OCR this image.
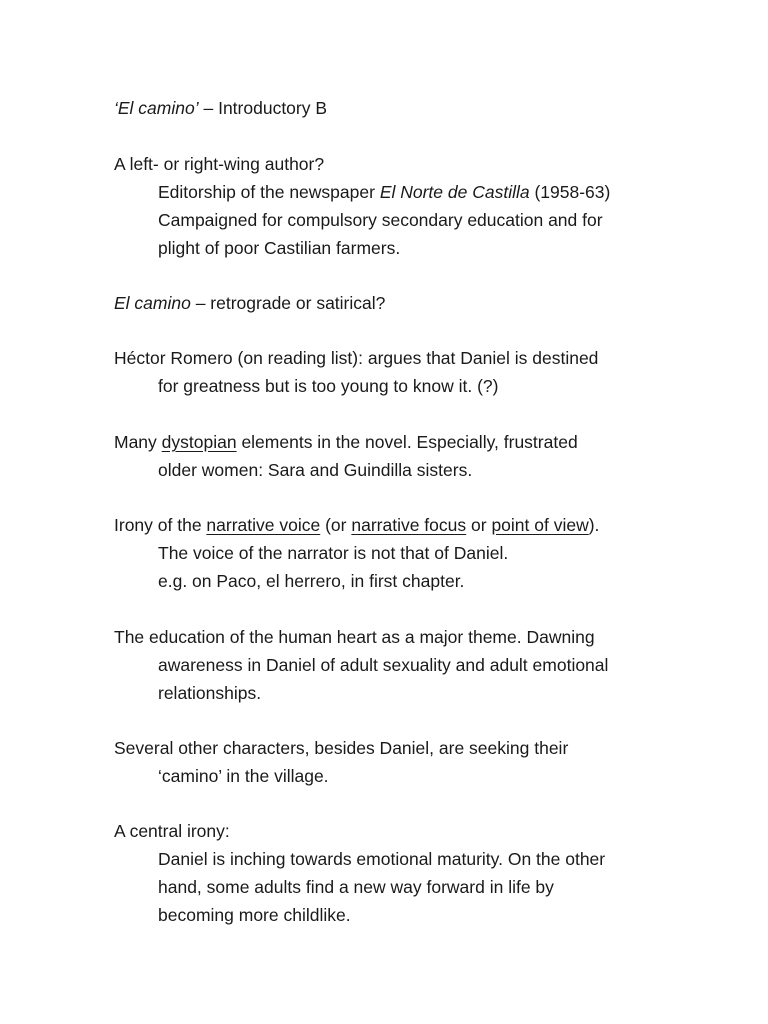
‘El camino’ – Introductory B
A left- or right-wing author?
Editorship of the newspaper El Norte de Castilla (1958-63)
Campaigned for compulsory secondary education and for
plight of poor Castilian farmers.
El camino – retrograde or satirical?
Héctor Romero (on reading list): argues that Daniel is destined
for greatness but is too young to know it. (?)
Many dystopian elements in the novel. Especially, frustrated
older women: Sara and Guindilla sisters.
Irony of the narrative voice (or narrative focus or point of view).
The voice of the narrator is not that of Daniel.
e.g. on Paco, el herrero, in first chapter.
The education of the human heart as a major theme. Dawning
awareness in Daniel of adult sexuality and adult emotional
relationships.
Several other characters, besides Daniel, are seeking their
‘camino’ in the village.
A central irony:
Daniel is inching towards emotional maturity. On the other
hand, some adults find a new way forward in life by
becoming more childlike.
